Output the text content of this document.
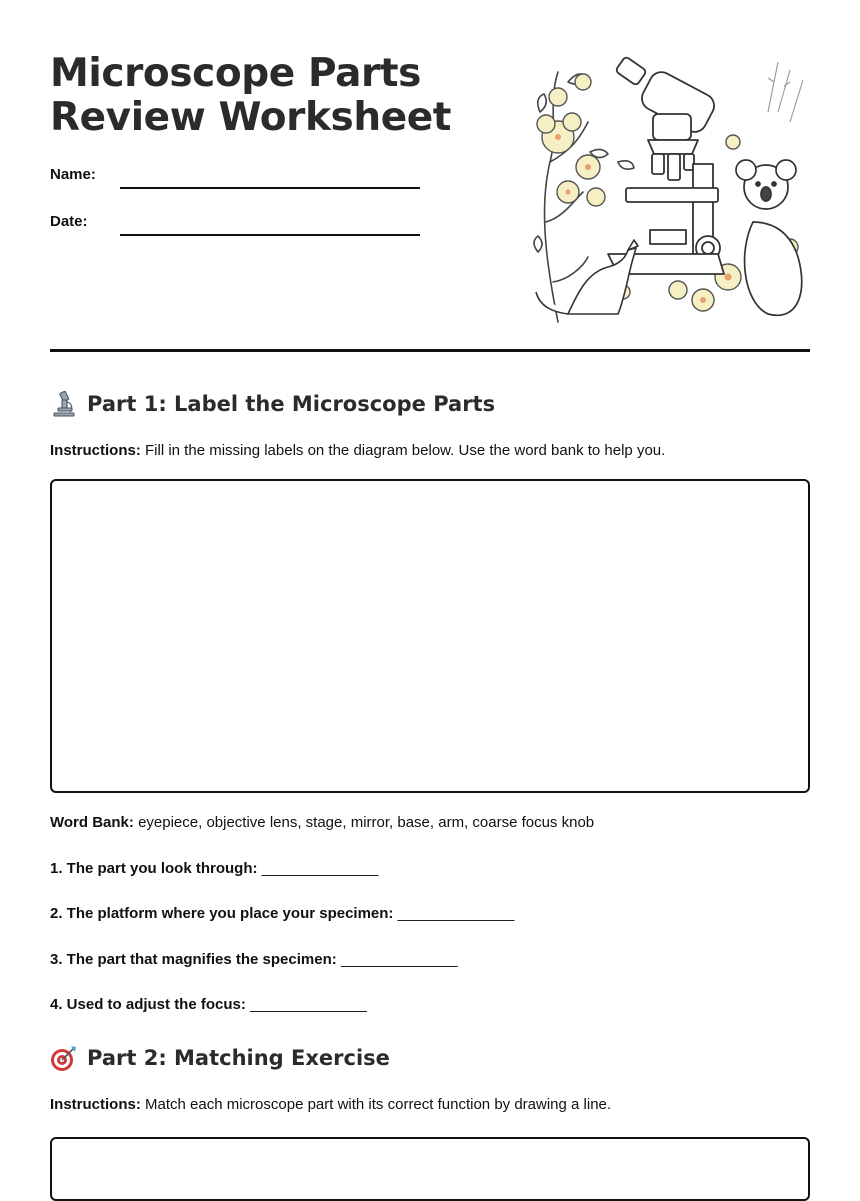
Microscope Parts
Review Worksheet
Name:
Date:
Part 1: Label the Microscope Parts
Instructions: Fill in the missing labels on the diagram below. Use the word bank to help you.
Word Bank: eyepiece, objective lens, stage, mirror, base, arm, coarse focus knob
1. The part you look through: ______________
2. The platform where you place your specimen: ______________
3. The part that magnifies the specimen: ______________
4. Used to adjust the focus: ______________
Part 2: Matching Exercise
Instructions: Match each microscope part with its correct function by drawing a line.
